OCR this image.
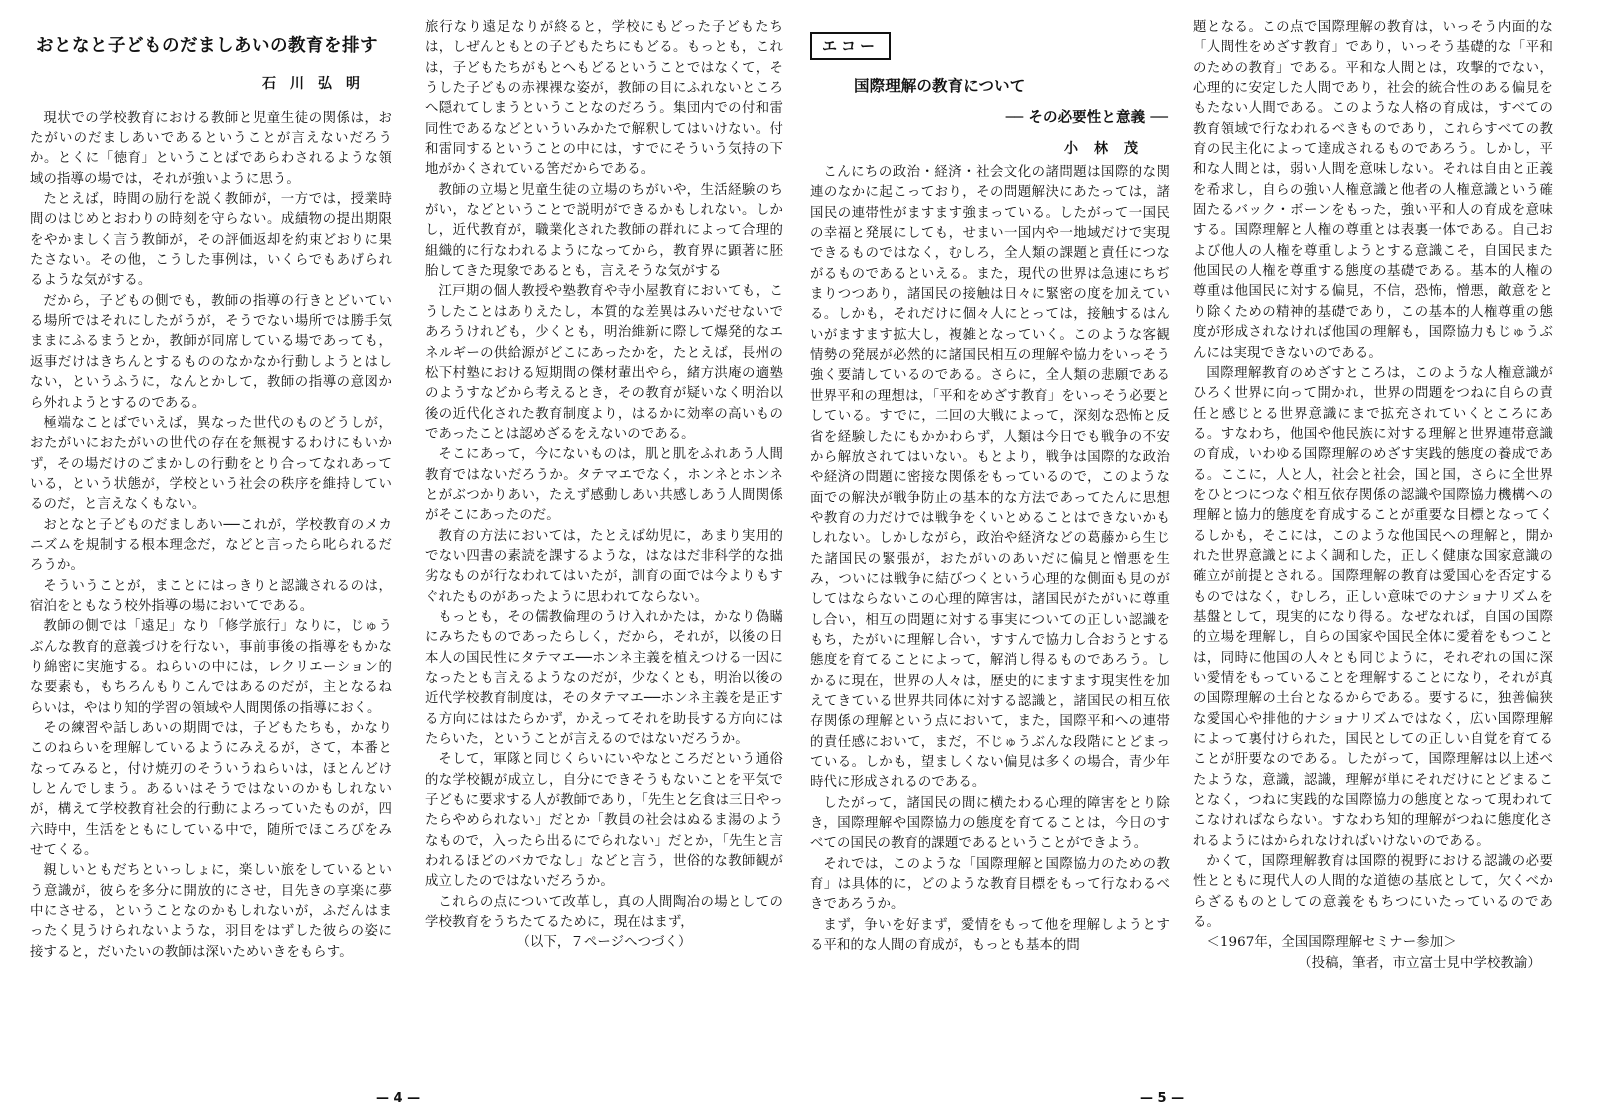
おとなと子どものだましあいの教育を排す
石川弘明

現状での学校教育における教師と児童生徒の関係は，おたがいのだましあいであるということが言えないだろうか。とくに「徳育」ということばであらわされるような領域の指導の場では，それが強いように思う。

たとえば，時間の励行を説く教師が，一方では，授業時間のはじめとおわりの時刻を守らない。成績物の提出期限をやかましく言う教師が，その評価返却を約束どおりに果たさない。その他，こうした事例は，いくらでもあげられるような気がする。

だから，子どもの側でも，教師の指導の行きとどいている場所ではそれにしたがうが，そうでない場所では勝手気ままにふるまうとか，教師が同席している場であっても，返事だけはきちんとするもののなかなか行動しようとはしない，というふうに，なんとかして，教師の指導の意図から外れようとするのである。

極端なことばでいえば，異なった世代のものどうしが，おたがいにおたがいの世代の存在を無視するわけにもいかず，その場だけのごまかしの行動をとり合ってなれあっている，という状態が，学校という社会の秩序を維持しているのだ，と言えなくもない。

おとなと子どものだましあい──これが，学校教育のメカニズムを規制する根本理念だ，などと言ったら叱られるだろうか。

そういうことが，まことにはっきりと認識されるのは，宿泊をともなう校外指導の場においてである。

教師の側では「遠足」なり「修学旅行」なりに，じゅうぶんな教育的意義づけを行ない，事前事後の指導をもかなり綿密に実施する。ねらいの中には，レクリエーション的な要素も，もちろんもりこんではあるのだが，主となるねらいは，やはり知的学習の領域や人間関係の指導におく。

その練習や話しあいの期間では，子どもたちも，かなりこのねらいを理解しているようにみえるが，さて，本番となってみると，付け焼刃のそういうねらいは，ほとんどけしとんでしまう。あるいはそうではないのかもしれないが，構えて学校教育社会的行動によろっていたものが，四六時中，生活をともにしている中で，随所でほころびをみせてくる。

親しいともだちといっしょに，楽しい旅をしているという意識が，彼らを多分に開放的にさせ，目先きの享楽に夢中にさせる，ということなのかもしれないが，ふだんはまったく見うけられないような，羽目をはずした彼らの姿に接すると，だいたいの教師は深いためいきをもらす。

旅行なり遠足なりが終ると，学校にもどった子どもたちは，しぜんともとの子どもたちにもどる。もっとも，これは，子どもたちがもとへもどるということではなくて，そうした子どもの赤裸裸な姿が，教師の目にふれないところへ隠れてしまうということなのだろう。集団内での付和雷同性であるなどといういみかたで解釈してはいけない。付和雷同するということの中には，すでにそういう気持の下地がかくされている筈だからである。

教師の立場と児童生徒の立場のちがいや，生活経験のちがい，などということで説明ができるかもしれない。しかし，近代教育が，職業化された教師の群れによって合理的組織的に行なわれるようになってから，教育界に顕著に胚胎してきた現象であるとも，言えそうな気がする

江戸期の個人教授や塾教育や寺小屋教育においても，こうしたことはありえたし，本質的な差異はみいだせないであろうけれども，少くとも，明治維新に際して爆発的なエネルギーの供給源がどこにあったかを，たとえば，長州の松下村塾における短期間の傑材輩出やら，緒方洪庵の適塾のようすなどから考えるとき，その教育が疑いなく明治以後の近代化された教育制度より，はるかに効率の高いものであったことは認めざるをえないのである。

そこにあって，今にないものは，肌と肌をふれあう人間教育ではないだろうか。タテマエでなく，ホンネとホンネとがぶつかりあい，たえず感動しあい共感しあう人間関係がそこにあったのだ。

教育の方法においては，たとえば幼児に，あまり実用的でない四書の素読を課するような，はなはだ非科学的な拙劣なものが行なわれてはいたが，訓育の面では今よりもすぐれたものがあったように思われてならない。

もっとも，その儒教倫理のうけ入れかたは，かなり偽瞞にみちたものであったらしく，だから，それが，以後の日本人の国民性にタテマエ──ホンネ主義を植えつける一因になったとも言えるようなのだが，少なくとも，明治以後の近代学校教育制度は，そのタテマエ──ホンネ主義を是正する方向にははたらかず，かえってそれを助長する方向にはたらいた，ということが言えるのではないだろうか。

そして，軍隊と同じくらいにいやなところだという通俗的な学校観が成立し，自分にできそうもないことを平気で子どもに要求する人が教師であり，「先生と乞食は三日やったらやめられない」だとか「教員の社会はぬるま湯のようなもので，入ったら出るにでられない」だとか，「先生と言われるほどのバカでなし」などと言う，世俗的な教師観が成立したのではないだろうか。

これらの点について改革し，真の人間陶冶の場としての学校教育をうちたてるために，現在はまず，

（以下，７ページへつづく）

— 4 —
エコー
国際理解の教育について
── その必要性と意義 ──
小林茂

こんにちの政治・経済・社会文化の諸問題は国際的な関連のなかに起こっており，その問題解決にあたっては，諸国民の連帯性がますます強まっている。したがって一国民の幸福と発展にしても，せまい一国内や一地域だけで実現できるものではなく，むしろ，全人類の課題と責任につながるものであるといえる。また，現代の世界は急速にちぢまりつつあり，諸国民の接触は日々に緊密の度を加えている。しかも，それだけに個々人にとっては，接触するはんいがますます拡大し，複雑となっていく。このような客観情勢の発展が必然的に諸国民相互の理解や協力をいっそう強く要請しているのである。さらに，全人類の悲願である世界平和の理想は，「平和をめざす教育」をいっそう必要としている。すでに，二回の大戦によって，深刻な恐怖と反省を経験したにもかかわらず，人類は今日でも戦争の不安から解放されてはいない。もとより，戦争は国際的な政治や経済の問題に密接な関係をもっているので，このような面での解決が戦争防止の基本的な方法であってたんに思想や教育の力だけでは戦争をくいとめることはできないかもしれない。しかしながら，政治や経済などの葛藤から生じた諸国民の緊張が，おたがいのあいだに偏見と憎悪を生み，ついには戦争に結びつくという心理的な側面も見のがしてはならないこの心理的障害は，諸国民がたがいに尊重し合い，相互の問題に対する事実についての正しい認識をもち，たがいに理解し合い，すすんで協力し合おうとする態度を育てることによって，解消し得るものであろう。しかるに現在，世界の人々は，歴史的にますます現実性を加えてきている世界共同体に対する認識と，諸国民の相互依存関係の理解という点において，また，国際平和への連帯的責任感において，まだ，不じゅうぶんな段階にとどまっている。しかも，望ましくない偏見は多くの場合，青少年時代に形成されるのである。

したがって，諸国民の間に横たわる心理的障害をとり除き，国際理解や国際協力の態度を育てることは，今日のすべての国民の教育的課題であるということができよう。

それでは，このような「国際理解と国際協力のための教育」は具体的に，どのような教育目標をもって行なわるべきであろうか。

まず，争いを好まず，愛情をもって他を理解しようとする平和的な人間の育成が，もっとも基本的問

題となる。この点で国際理解の教育は，いっそう内面的な「人間性をめざす教育」であり，いっそう基礎的な「平和のための教育」である。平和な人間とは，攻撃的でない，心理的に安定した人間であり，社会的統合性のある偏見をもたない人間である。このような人格の育成は，すべての教育領域で行なわれるべきものであり，これらすべての教育の民主化によって達成されるものであろう。しかし，平和な人間とは，弱い人間を意味しない。それは自由と正義を希求し，自らの強い人権意識と他者の人権意識という確固たるバック・ボーンをもった，強い平和人の育成を意味する。国際理解と人権の尊重とは表裏一体である。自己および他人の人権を尊重しようとする意識こそ，自国民また他国民の人権を尊重する態度の基礎である。基本的人権の尊重は他国民に対する偏見，不信，恐怖，憎悪，敵意をとり除くための精神的基礎であり，この基本的人権尊重の態度が形成されなければ他国の理解も，国際協力もじゅうぶんには実現できないのである。

国際理解教育のめざすところは，このような人権意識がひろく世界に向って開かれ，世界の問題をつねに自らの責任と感じとる世界意識にまで拡充されていくところにある。すなわち，他国や他民族に対する理解と世界連帯意識の育成，いわゆる国際理解のめざす実践的態度の養成である。ここに，人と人，社会と社会，国と国，さらに全世界をひとつにつなぐ相互依存関係の認識や国際協力機構への理解と協力的態度を育成することが重要な目標となってくるしかも，そこには，このような他国民への理解と，開かれた世界意識とによく調和した，正しく健康な国家意識の確立が前提とされる。国際理解の教育は愛国心を否定するものではなく，むしろ，正しい意味でのナショナリズムを基盤として，現実的になり得る。なぜなれば，自国の国際的立場を理解し，自らの国家や国民全体に愛着をもつことは，同時に他国の人々とも同じように，それぞれの国に深い愛情をもっていることを理解することになり，それが真の国際理解の土台となるからである。要するに，独善偏狭な愛国心や排他的ナショナリズムではなく，広い国際理解によって裏付けられた，国民としての正しい自覚を育てることが肝要なのである。したがって，国際理解は以上述べたような，意識，認識，理解が単にそれだけにとどまることなく，つねに実践的な国際協力の態度となって現われてこなければならない。すなわち知的理解がつねに態度化されるようにはかられなければいけないのである。

かくて，国際理解教育は国際的視野における認識の必要性とともに現代人の人間的な道徳の基底として，欠くべからざるものとしての意義をもちつにいたっているのである。

＜1967年，全国国際理解セミナー参加＞

（投稿，筆者，市立富士見中学校教諭）

— 5 —
